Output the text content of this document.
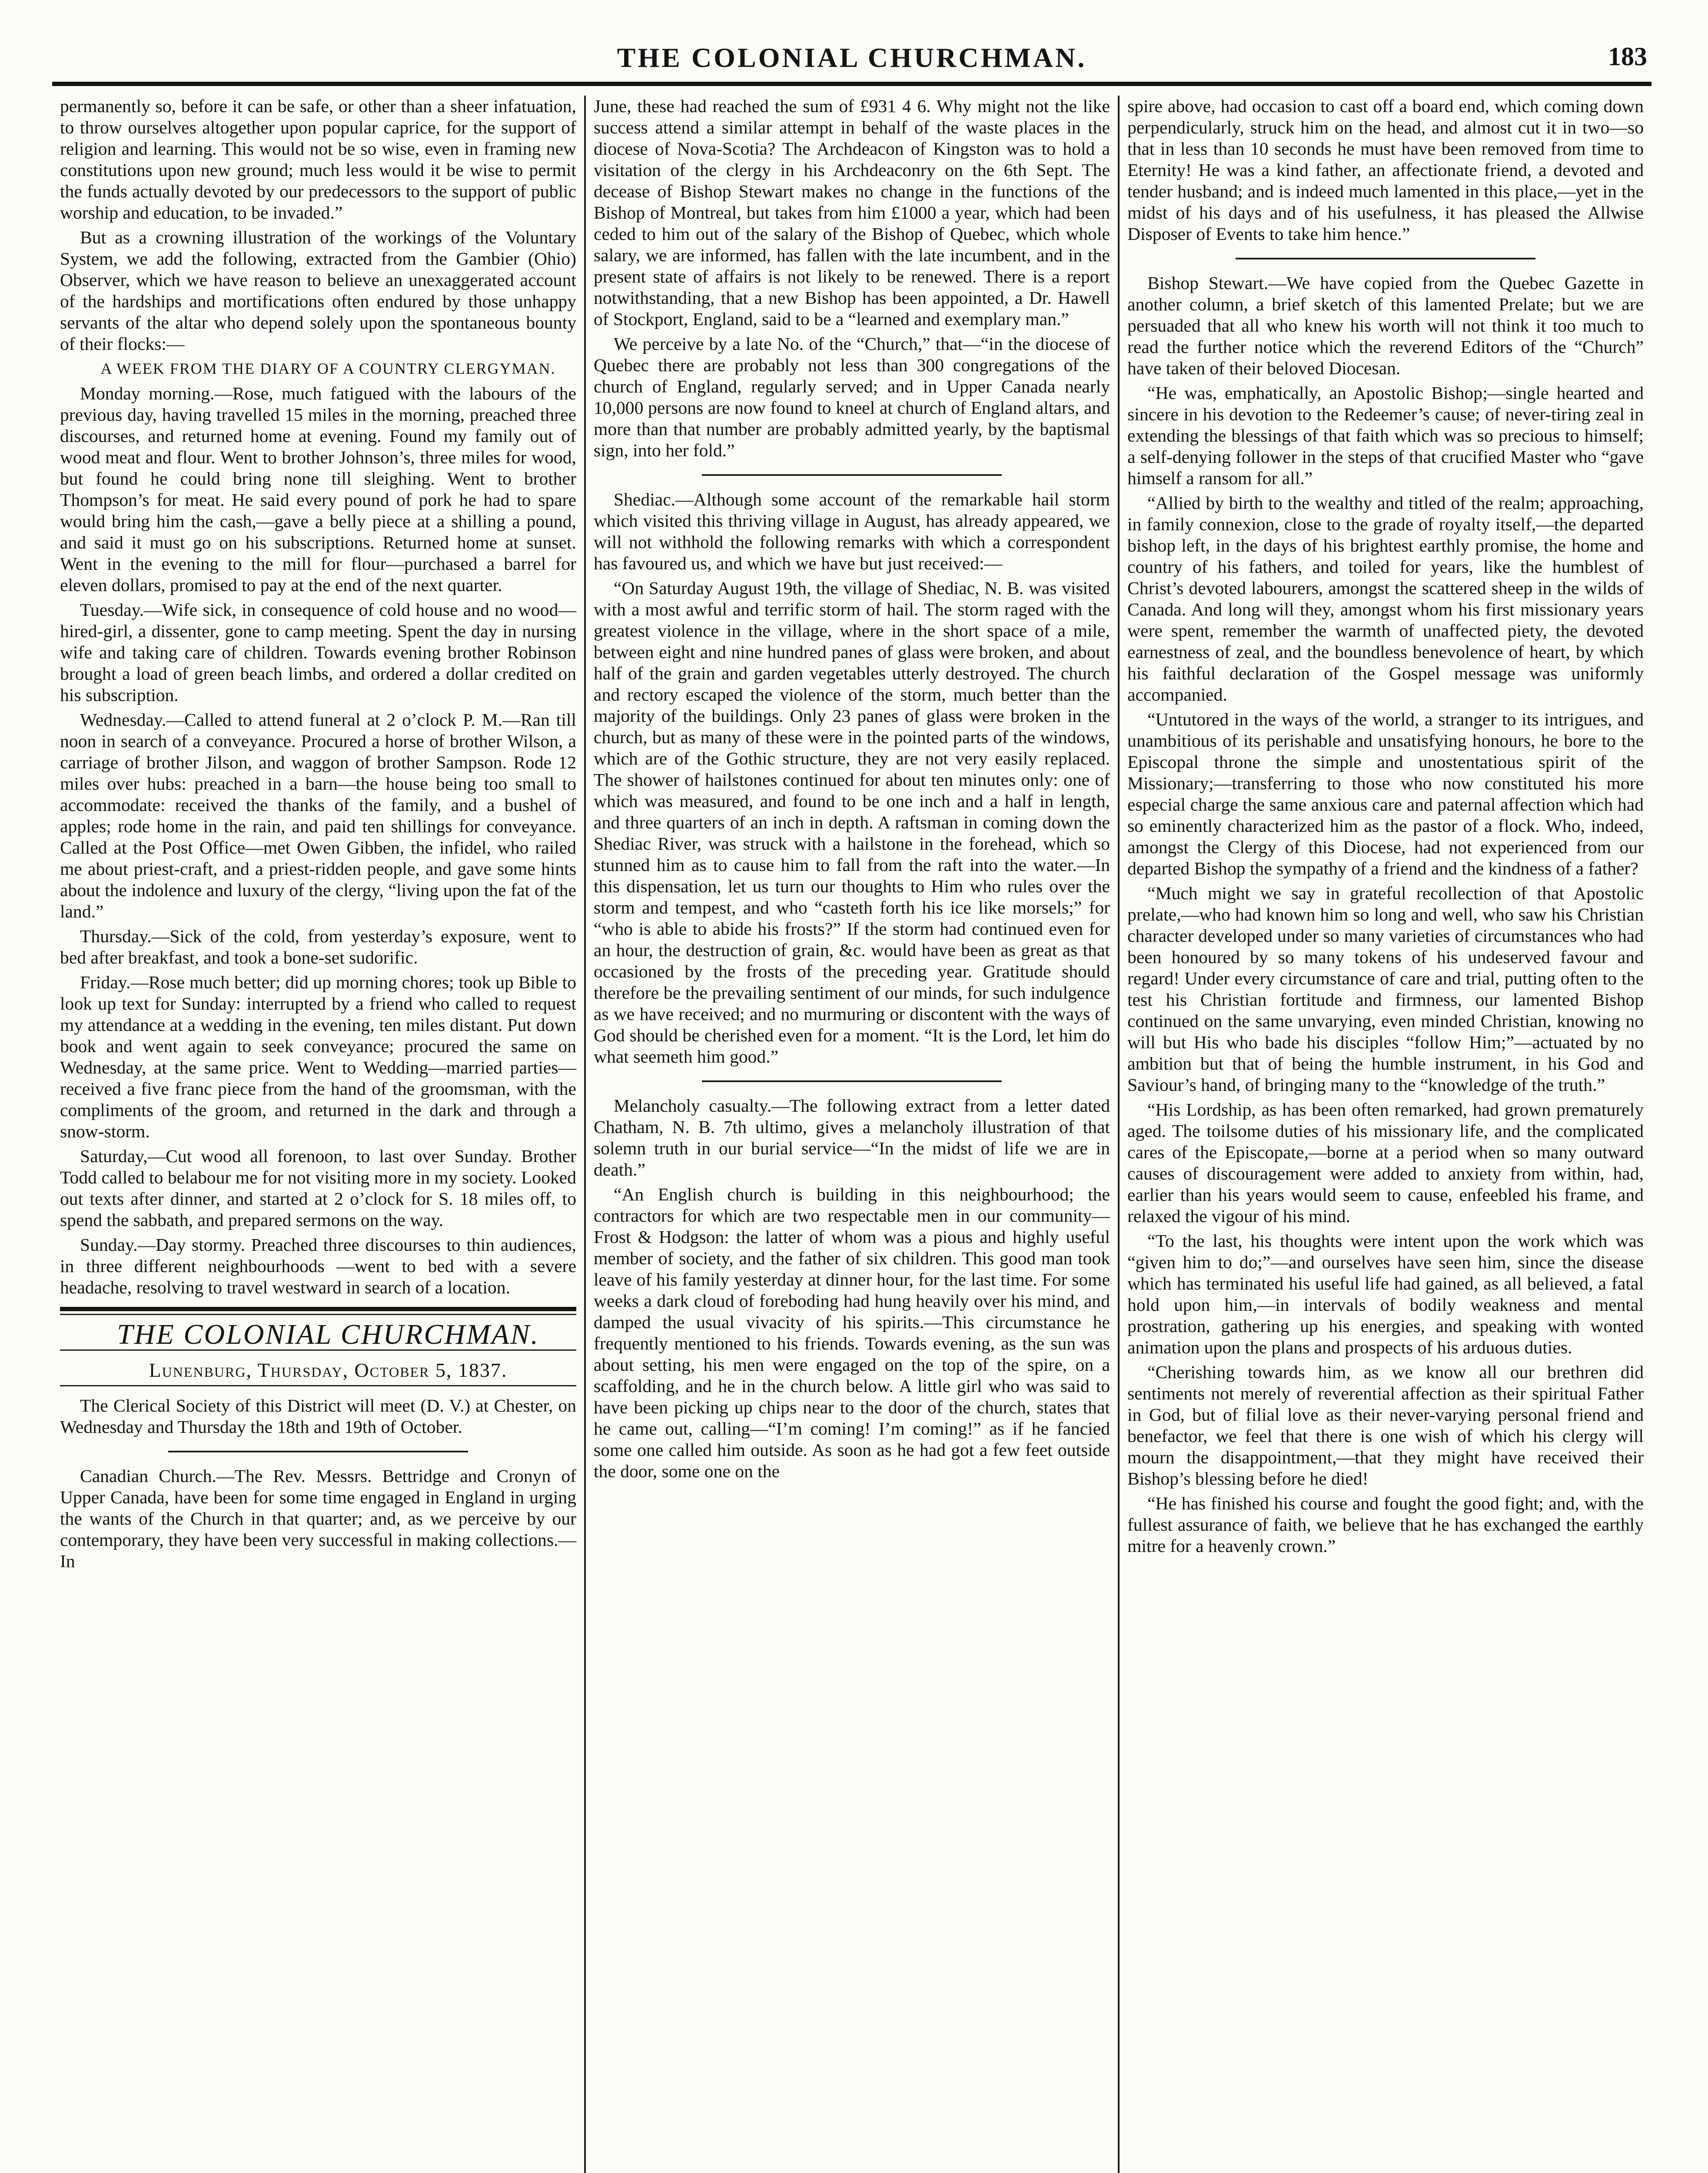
THE COLONIAL CHURCHMAN.	183

permanently so, before it can be safe, or other than a sheer infatuation, to throw ourselves altogether upon popular caprice, for the support of religion and learning. This would not be so wise, even in framing new constitutions upon new ground; much less would it be wise to permit the funds actually devoted by our predecessors to the support of public worship and education, to be invaded.”

But as a crowning illustration of the workings of the Voluntary System, we add the following, extracted from the Gambier (Ohio) Observer, which we have reason to believe an unexaggerated account of the hardships and mortifications often endured by those unhappy servants of the altar who depend solely upon the spontaneous bounty of their flocks:—

A WEEK FROM THE DIARY OF A COUNTRY CLERGYMAN.

Monday morning.—Rose, much fatigued with the labours of the previous day, having travelled 15 miles in the morning, preached three discourses, and returned home at evening. Found my family out of wood meat and flour. Went to brother Johnson’s, three miles for wood, but found he could bring none till sleighing. Went to brother Thompson’s for meat. He said every pound of pork he had to spare would bring him the cash,—gave a belly piece at a shilling a pound, and said it must go on his subscriptions. Returned home at sunset. Went in the evening to the mill for flour—purchased a barrel for eleven dollars, promised to pay at the end of the next quarter.

Tuesday.—Wife sick, in consequence of cold house and no wood—hired-girl, a dissenter, gone to camp meeting. Spent the day in nursing wife and taking care of children. Towards evening brother Robinson brought a load of green beach limbs, and ordered a dollar credited on his subscription.

Wednesday.—Called to attend funeral at 2 o’clock P. M.—Ran till noon in search of a conveyance. Procured a horse of brother Wilson, a carriage of brother Jilson, and waggon of brother Sampson. Rode 12 miles over hubs: preached in a barn—the house being too small to accommodate: received the thanks of the family, and a bushel of apples; rode home in the rain, and paid ten shillings for conveyance. Called at the Post Office—met Owen Gibben, the infidel, who railed me about priest-craft, and a priest-ridden people, and gave some hints about the indolence and luxury of the clergy, “living upon the fat of the land.”

Thursday.—Sick of the cold, from yesterday’s exposure, went to bed after breakfast, and took a bone-set sudorific.

Friday.—Rose much better; did up morning chores; took up Bible to look up text for Sunday: interrupted by a friend who called to request my attendance at a wedding in the evening, ten miles distant. Put down book and went again to seek conveyance; procured the same on Wednesday, at the same price. Went to Wedding—married parties—received a five franc piece from the hand of the groomsman, with the compliments of the groom, and returned in the dark and through a snow-storm.

Saturday,—Cut wood all forenoon, to last over Sunday. Brother Todd called to belabour me for not visiting more in my society. Looked out texts after dinner, and started at 2 o’clock for S. 18 miles off, to spend the sabbath, and prepared sermons on the way.

Sunday.—Day stormy. Preached three discourses to thin audiences, in three different neighbourhoods —went to bed with a severe headache, resolving to travel westward in search of a location.

THE COLONIAL CHURCHMAN.

Lunenburg, Thursday, October 5, 1837.

The Clerical Society of this District will meet (D. V.) at Chester, on Wednesday and Thursday the 18th and 19th of October.

Canadian Church.—The Rev. Messrs. Bettridge and Cronyn of Upper Canada, have been for some time engaged in England in urging the wants of the Church in that quarter; and, as we perceive by our contemporary, they have been very successful in making collections.—In

June, these had reached the sum of £931 4 6. Why might not the like success attend a similar attempt in behalf of the waste places in the diocese of Nova-Scotia? The Archdeacon of Kingston was to hold a visitation of the clergy in his Archdeaconry on the 6th Sept. The decease of Bishop Stewart makes no change in the functions of the Bishop of Montreal, but takes from him £1000 a year, which had been ceded to him out of the salary of the Bishop of Quebec, which whole salary, we are informed, has fallen with the late incumbent, and in the present state of affairs is not likely to be renewed. There is a report notwithstanding, that a new Bishop has been appointed, a Dr. Hawell of Stockport, England, said to be a “learned and exemplary man.”

We perceive by a late No. of the “Church,” that—“in the diocese of Quebec there are probably not less than 300 congregations of the church of England, regularly served; and in Upper Canada nearly 10,000 persons are now found to kneel at church of England altars, and more than that number are probably admitted yearly, by the baptismal sign, into her fold.”

Shediac.—Although some account of the remarkable hail storm which visited this thriving village in August, has already appeared, we will not withhold the following remarks with which a correspondent has favoured us, and which we have but just received:—

“On Saturday August 19th, the village of Shediac, N. B. was visited with a most awful and terrific storm of hail. The storm raged with the greatest violence in the village, where in the short space of a mile, between eight and nine hundred panes of glass were broken, and about half of the grain and garden vegetables utterly destroyed. The church and rectory escaped the violence of the storm, much better than the majority of the buildings. Only 23 panes of glass were broken in the church, but as many of these were in the pointed parts of the windows, which are of the Gothic structure, they are not very easily replaced. The shower of hailstones continued for about ten minutes only: one of which was measured, and found to be one inch and a half in length, and three quarters of an inch in depth. A raftsman in coming down the Shediac River, was struck with a hailstone in the forehead, which so stunned him as to cause him to fall from the raft into the water.—In this dispensation, let us turn our thoughts to Him who rules over the storm and tempest, and who “casteth forth his ice like morsels;” for “who is able to abide his frosts?” If the storm had continued even for an hour, the destruction of grain, &c. would have been as great as that occasioned by the frosts of the preceding year. Gratitude should therefore be the prevailing sentiment of our minds, for such indulgence as we have received; and no murmuring or discontent with the ways of God should be cherished even for a moment. “It is the Lord, let him do what seemeth him good.”

Melancholy casualty.—The following extract from a letter dated Chatham, N. B. 7th ultimo, gives a melancholy illustration of that solemn truth in our burial service—“In the midst of life we are in death.”

“An English church is building in this neighbourhood; the contractors for which are two respectable men in our community—Frost & Hodgson: the latter of whom was a pious and highly useful member of society, and the father of six children. This good man took leave of his family yesterday at dinner hour, for the last time. For some weeks a dark cloud of foreboding had hung heavily over his mind, and damped the usual vivacity of his spirits.—This circumstance he frequently mentioned to his friends. Towards evening, as the sun was about setting, his men were engaged on the top of the spire, on a scaffolding, and he in the church below. A little girl who was said to have been picking up chips near to the door of the church, states that he came out, calling—“I’m coming! I’m coming!” as if he fancied some one called him outside. As soon as he had got a few feet outside the door, some one on the

spire above, had occasion to cast off a board end, which coming down perpendicularly, struck him on the head, and almost cut it in two—so that in less than 10 seconds he must have been removed from time to Eternity! He was a kind father, an affectionate friend, a devoted and tender husband; and is indeed much lamented in this place,—yet in the midst of his days and of his usefulness, it has pleased the Allwise Disposer of Events to take him hence.”

Bishop Stewart.—We have copied from the Quebec Gazette in another column, a brief sketch of this lamented Prelate; but we are persuaded that all who knew his worth will not think it too much to read the further notice which the reverend Editors of the “Church” have taken of their beloved Diocesan.

“He was, emphatically, an Apostolic Bishop;—single hearted and sincere in his devotion to the Redeemer’s cause; of never-tiring zeal in extending the blessings of that faith which was so precious to himself; a self-denying follower in the steps of that crucified Master who “gave himself a ransom for all.”

“Allied by birth to the wealthy and titled of the realm; approaching, in family connexion, close to the grade of royalty itself,—the departed bishop left, in the days of his brightest earthly promise, the home and country of his fathers, and toiled for years, like the humblest of Christ’s devoted labourers, amongst the scattered sheep in the wilds of Canada. And long will they, amongst whom his first missionary years were spent, remember the warmth of unaffected piety, the devoted earnestness of zeal, and the boundless benevolence of heart, by which his faithful declaration of the Gospel message was uniformly accompanied.

“Untutored in the ways of the world, a stranger to its intrigues, and unambitious of its perishable and unsatisfying honours, he bore to the Episcopal throne the simple and unostentatious spirit of the Missionary;—transferring to those who now constituted his more especial charge the same anxious care and paternal affection which had so eminently characterized him as the pastor of a flock. Who, indeed, amongst the Clergy of this Diocese, had not experienced from our departed Bishop the sympathy of a friend and the kindness of a father?

“Much might we say in grateful recollection of that Apostolic prelate,—who had known him so long and well, who saw his Christian character developed under so many varieties of circumstances who had been honoured by so many tokens of his undeserved favour and regard! Under every circumstance of care and trial, putting often to the test his Christian fortitude and firmness, our lamented Bishop continued on the same unvarying, even minded Christian, knowing no will but His who bade his disciples “follow Him;”—actuated by no ambition but that of being the humble instrument, in his God and Saviour’s hand, of bringing many to the “knowledge of the truth.”

“His Lordship, as has been often remarked, had grown prematurely aged. The toilsome duties of his missionary life, and the complicated cares of the Episcopate,—borne at a period when so many outward causes of discouragement were added to anxiety from within, had, earlier than his years would seem to cause, enfeebled his frame, and relaxed the vigour of his mind.

“To the last, his thoughts were intent upon the work which was “given him to do;”—and ourselves have seen him, since the disease which has terminated his useful life had gained, as all believed, a fatal hold upon him,—in intervals of bodily weakness and mental prostration, gathering up his energies, and speaking with wonted animation upon the plans and prospects of his arduous duties.

“Cherishing towards him, as we know all our brethren did sentiments not merely of reverential affection as their spiritual Father in God, but of filial love as their never-varying personal friend and benefactor, we feel that there is one wish of which his clergy will mourn the disappointment,—that they might have received their Bishop’s blessing before he died!

“He has finished his course and fought the good fight; and, with the fullest assurance of faith, we believe that he has exchanged the earthly mitre for a heavenly crown.”
